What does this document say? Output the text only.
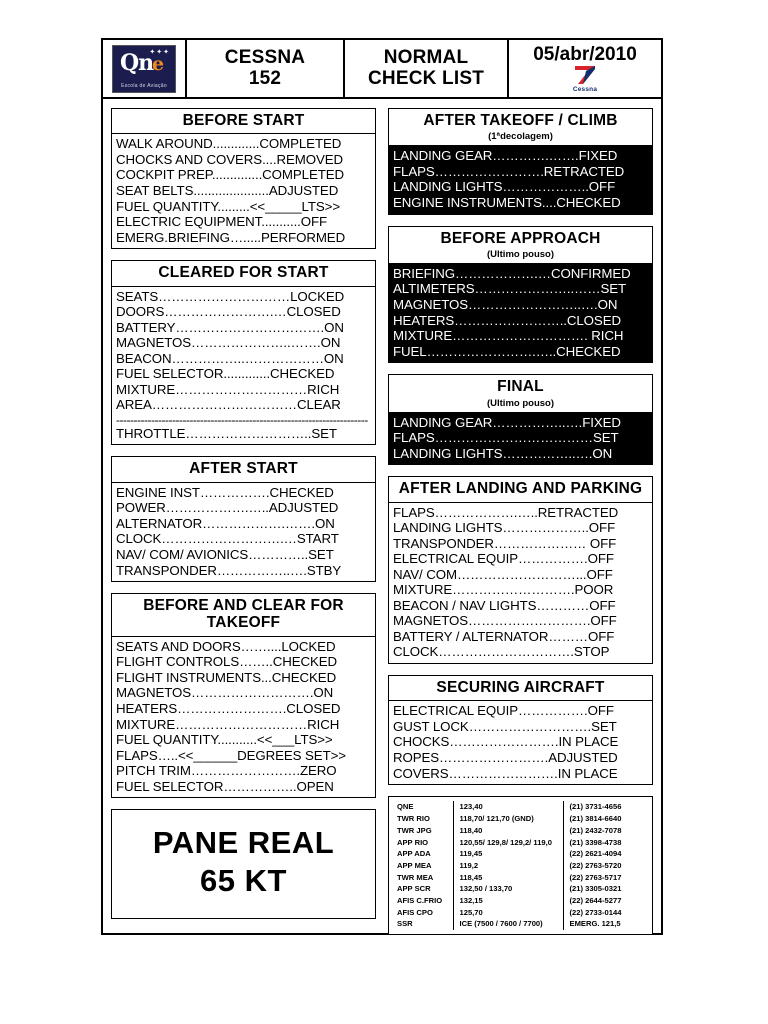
✦✦✦
Qn
e
Escola de Aviação
CESSNA
152
NORMAL
CHECK LIST
05/abr/2010
Cessna
BEFORE START
WALK AROUND.............COMPLETED
CHOCKS AND COVERS....REMOVED
COCKPIT PREP..............COMPLETED
SEAT BELTS.....................ADJUSTED
FUEL QUANTITY.........<<_____LTS>>
ELECTRIC EQUIPMENT...........OFF
EMERG.BRIEFING….....PERFORMED
CLEARED FOR START
SEATS…………………………LOCKED
DOORS…………………….…CLOSED
BATTERY…………………………….ON
MAGNETOS…………………..…….ON
BEACON……………..………………ON
FUEL SELECTOR.............CHECKED
MIXTURE…………………………RICH
AREA……………………………CLEAR
------------------------------------------------------------------------
THROTTLE………………………..SET
AFTER START
ENGINE INST…………….CHECKED
POWER……………….…..ADJUSTED
ALTERNATOR……………….…….ON
CLOCK……………………….…START
NAV/ COM/ AVIONICS…………..SET
TRANSPONDER……………..….STBY
BEFORE AND CLEAR FOR TAKEOFF
SEATS AND DOORS……....LOCKED
FLIGHT CONTROLS……..CHECKED
FLIGHT INSTRUMENTS...CHECKED
MAGNETOS……………………….ON
HEATERS…………………….CLOSED
MIXTURE…………………………RICH
FUEL QUANTITY...........<<___LTS>>
FLAPS…..<<______DEGREES SET>>
PITCH TRIM…………………….ZERO
FUEL SELECTOR……………..OPEN
PANE REAL
65 KT
AFTER TAKEOFF / CLIMB
(1ªdecolagem)
LANDING GEAR………….…….FIXED
FLAPS…………………….RETRACTED
LANDING LIGHTS………………..OFF
ENGINE INSTRUMENTS....CHECKED
BEFORE APPROACH
(Ultimo pouso)
BRIEFING……………….…CONFIRMED
ALTIMETERS…………………..……SET
MAGNETOS……………………..….ON
HEATERS……………………..CLOSED
MIXTURE…………………………. RICH
FUEL…………………….…..CHECKED
FINAL
(Ultimo pouso)
LANDING GEAR……………..….FIXED
FLAPS………………………………SET
LANDING LIGHTS……………..….ON
AFTER LANDING AND PARKING
FLAPS……………….…..RETRACTED
LANDING LIGHTS………………..OFF
TRANSPONDER………………… OFF
ELECTRICAL EQUIP…………….OFF
NAV/ COM………………………...OFF
MIXTURE……………………….POOR
BEACON / NAV LIGHTS…………OFF
MAGNETOS……………………….OFF
BATTERY / ALTERNATOR………OFF
CLOCK………………………….STOP
SECURING AIRCRAFT
ELECTRICAL EQUIP…………….OFF
GUST LOCK……………………….SET
CHOCKS…………………….IN PLACE
ROPES…………………….ADJUSTED
COVERS…………………….IN PLACE
QNE	123,40	(21) 3731-4656
TWR RIO	118,70/ 121,70 (GND)	(21) 3814-6640
TWR JPG	118,40	(21) 2432-7078
APP RIO	120,55/ 129,8/ 129,2/ 119,0	(21) 3398-4738
APP ADA	119,45	(22) 2621-4094
APP MEA	119,2	(22) 2763-5720
TWR MEA	118,45	(22) 2763-5717
APP SCR	132,50 / 133,70	(21) 3305-0321
AFIS C.FRIO	132,15	(22) 2644-5277
AFIS CPO	125,70	(22) 2733-0144
SSR	ICE (7500 / 7600 / 7700)	EMERG. 121,5
